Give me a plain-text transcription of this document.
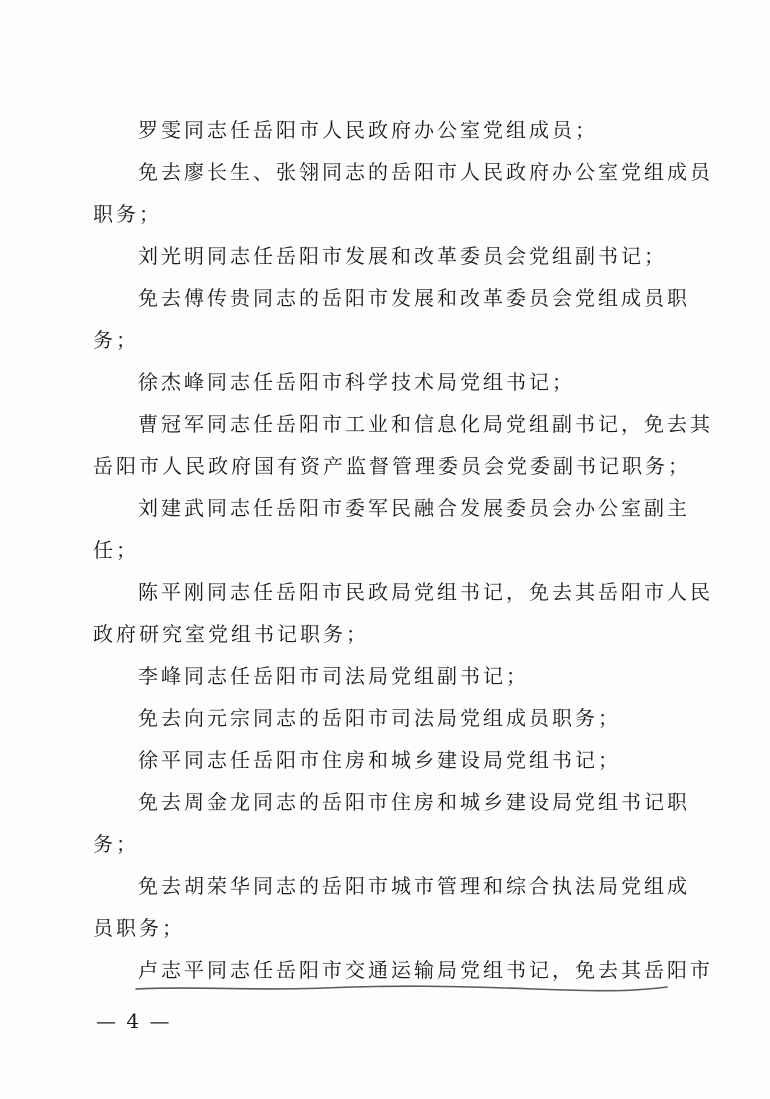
罗雯同志任岳阳市人民政府办公室党组成员；
免去廖长生、张翎同志的岳阳市人民政府办公室党组成员
职务；
刘光明同志任岳阳市发展和改革委员会党组副书记；
免去傅传贵同志的岳阳市发展和改革委员会党组成员职
务；
徐杰峰同志任岳阳市科学技术局党组书记；
曹冠军同志任岳阳市工业和信息化局党组副书记，免去其
岳阳市人民政府国有资产监督管理委员会党委副书记职务；
刘建武同志任岳阳市委军民融合发展委员会办公室副主
任；
陈平刚同志任岳阳市民政局党组书记，免去其岳阳市人民
政府研究室党组书记职务；
李峰同志任岳阳市司法局党组副书记；
免去向元宗同志的岳阳市司法局党组成员职务；
徐平同志任岳阳市住房和城乡建设局党组书记；
免去周金龙同志的岳阳市住房和城乡建设局党组书记职
务；
免去胡荣华同志的岳阳市城市管理和综合执法局党组成
员职务；
卢志平同志任岳阳市交通运输局党组书记，免去其岳阳市
— 4 —
